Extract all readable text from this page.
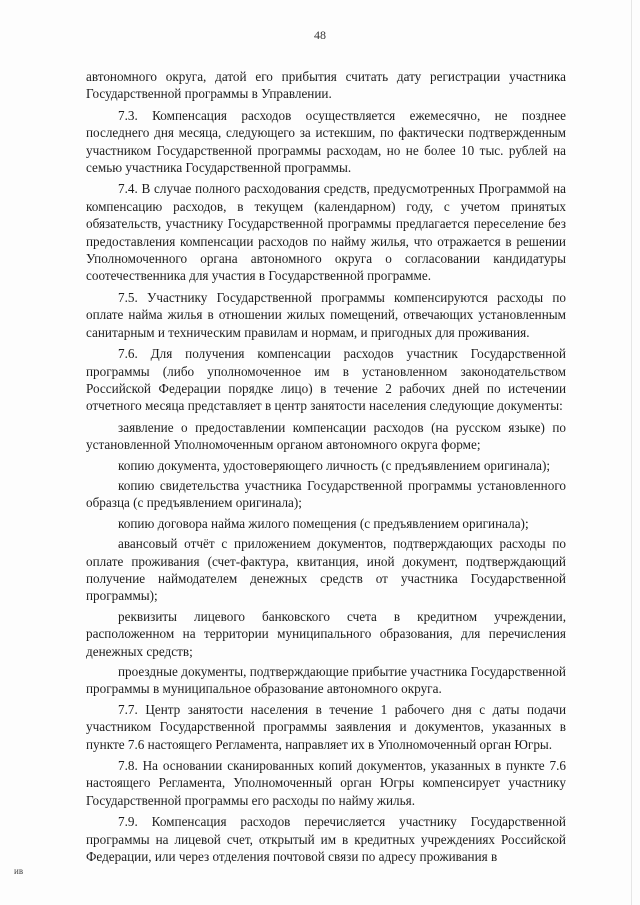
48

автономного округа, датой его прибытия считать дату регистрации участника Государственной программы в Управлении.

7.3. Компенсация расходов осуществляется ежемесячно, не позднее последнего дня месяца, следующего за истекшим, по фактически подтвержденным участником Государственной программы расходам, но не более 10 тыс. рублей на семью участника Государственной программы.

7.4. В случае полного расходования средств, предусмотренных Программой на компенсацию расходов, в текущем (календарном) году, с учетом принятых обязательств, участнику Государственной программы предлагается переселение без предоставления компенсации расходов по найму жилья, что отражается в решении Уполномоченного органа автономного округа о согласовании кандидатуры соотечественника для участия в Государственной программе.

7.5. Участнику Государственной программы компенсируются расходы по оплате найма жилья в отношении жилых помещений, отвечающих установленным санитарным и техническим правилам и нормам, и пригодных для проживания.

7.6. Для получения компенсации расходов участник Государственной программы (либо уполномоченное им в установленном законодательством Российской Федерации порядке лицо) в течение 2 рабочих дней по истечении отчетного месяца представляет в центр занятости населения следующие документы:

заявление о предоставлении компенсации расходов (на русском языке) по установленной Уполномоченным органом автономного округа форме;

копию документа, удостоверяющего личность (с предъявлением оригинала);

копию свидетельства участника Государственной программы установленного образца (с предъявлением оригинала);

копию договора найма жилого помещения (с предъявлением оригинала);

авансовый отчёт с приложением документов, подтверждающих расходы по оплате проживания (счет-фактура, квитанция, иной документ, подтверждающий получение наймодателем денежных средств от участника Государственной программы);

реквизиты лицевого банковского счета в кредитном учреждении, расположенном на территории муниципального образования, для перечисления денежных средств;

проездные документы, подтверждающие прибытие участника Государственной программы в муниципальное образование автономного округа.

7.7. Центр занятости населения в течение 1 рабочего дня с даты подачи участником Государственной программы заявления и документов, указанных в пункте 7.6 настоящего Регламента, направляет их в Уполномоченный орган Югры.

7.8. На основании сканированных копий документов, указанных в пункте 7.6 настоящего Регламента, Уполномоченный орган Югры компенсирует участнику Государственной программы его расходы по найму жилья.

7.9. Компенсация расходов перечисляется участнику Государственной программы на лицевой счет, открытый им в кредитных учреждениях Российской Федерации, или через отделения почтовой связи по адресу проживания в

ив
